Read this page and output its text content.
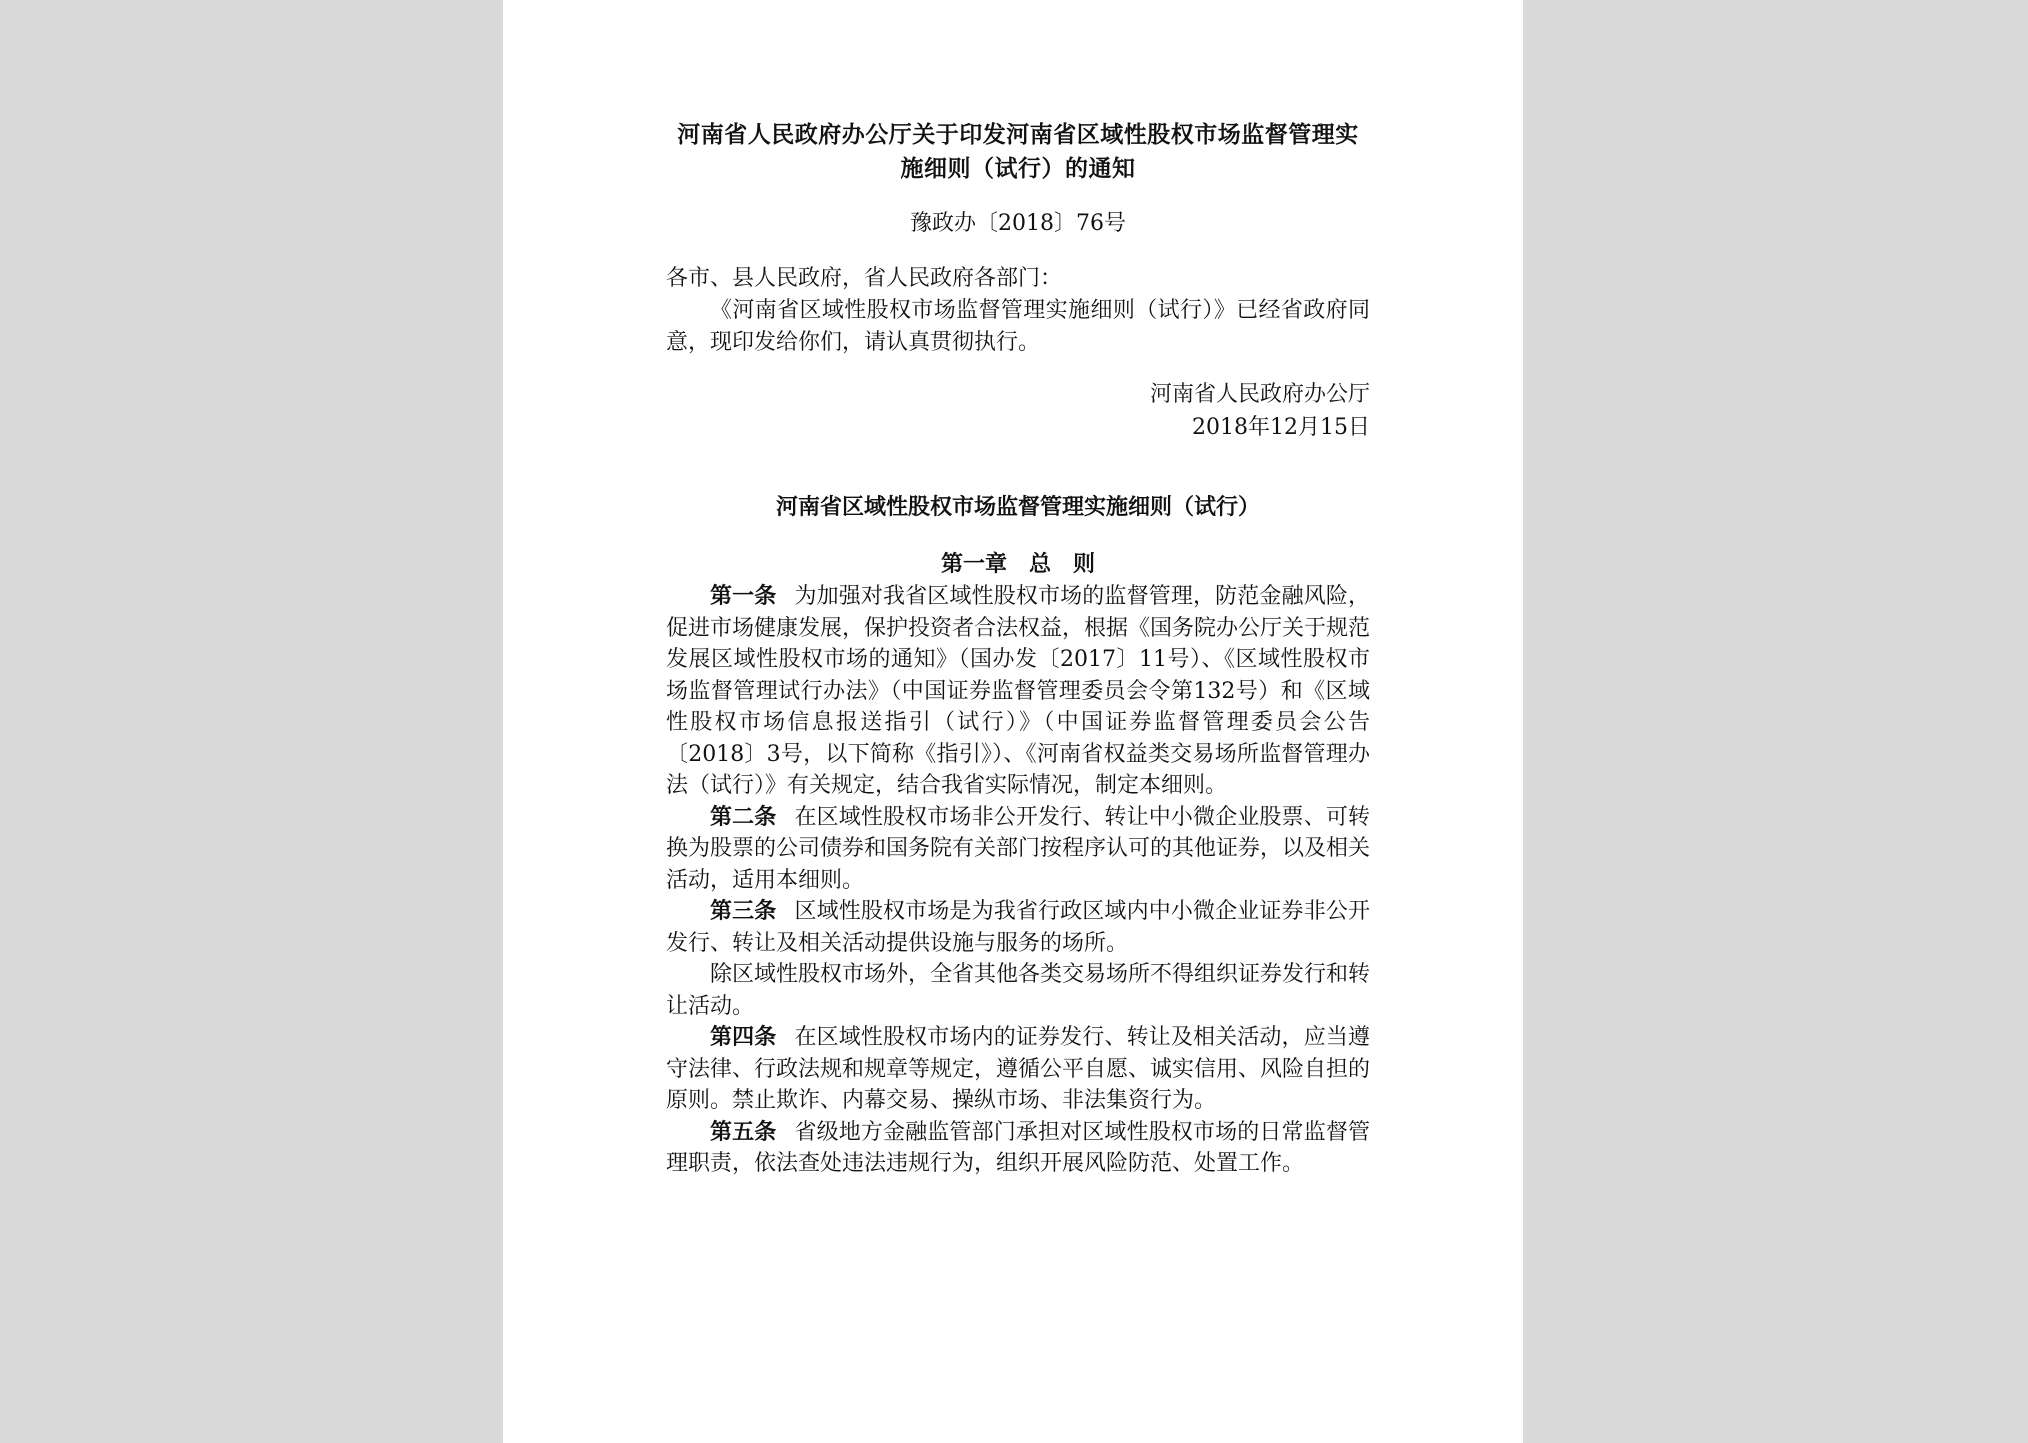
河南省人民政府办公厅关于印发河南省区域性股权市场监督管理实施细则（试行）的通知
豫政办〔2018〕76号
各市、县人民政府，省人民政府各部门：

《河南省区域性股权市场监督管理实施细则（试行）》已经省政府同意，现印发给你们，请认真贯彻执行。

河南省人民政府办公厅
2018年12月15日
河南省区域性股权市场监督管理实施细则（试行）
第一章　总　则

第一条 为加强对我省区域性股权市场的监督管理，防范金融风险，促进市场健康发展，保护投资者合法权益，根据《国务院办公厅关于规范发展区域性股权市场的通知》（国办发〔2017〕11号）、《区域性股权市场监督管理试行办法》（中国证券监督管理委员会令第132号）和《区域性股权市场信息报送指引（试行）》（中国证券监督管理委员会公告〔2018〕3号，以下简称《指引》）、《河南省权益类交易场所监督管理办法（试行）》有关规定，结合我省实际情况，制定本细则。

第二条 在区域性股权市场非公开发行、转让中小微企业股票、可转换为股票的公司债券和国务院有关部门按程序认可的其他证券，以及相关活动，适用本细则。

第三条 区域性股权市场是为我省行政区域内中小微企业证券非公开发行、转让及相关活动提供设施与服务的场所。

除区域性股权市场外，全省其他各类交易场所不得组织证券发行和转让活动。

第四条 在区域性股权市场内的证券发行、转让及相关活动，应当遵守法律、行政法规和规章等规定，遵循公平自愿、诚实信用、风险自担的原则。禁止欺诈、内幕交易、操纵市场、非法集资行为。

第五条 省级地方金融监管部门承担对区域性股权市场的日常监督管理职责，依法查处违法违规行为，组织开展风险防范、处置工作。
